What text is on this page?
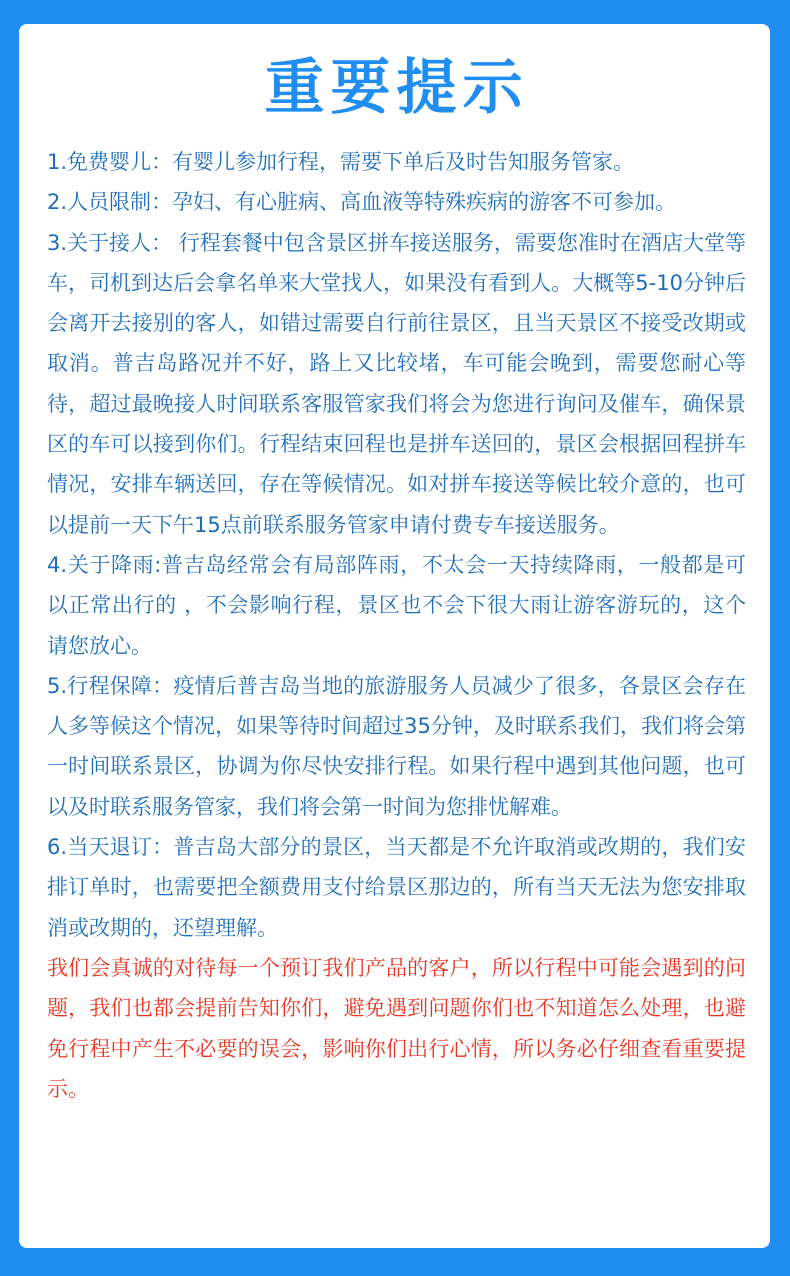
重要提示

1.免费婴儿：有婴儿参加行程，需要下单后及时告知服务管家。

2.人员限制：孕妇、有心脏病、高血液等特殊疾病的游客不可参加。

3.关于接人： 行程套餐中包含景区拼车接送服务，需要您准时在酒店大堂等车，司机到达后会拿名单来大堂找人，如果没有看到人。大概等5-10分钟后会离开去接别的客人，如错过需要自行前往景区，且当天景区不接受改期或取消。普吉岛路况并不好，路上又比较堵，车可能会晚到，需要您耐心等待，超过最晚接人时间联系客服管家我们将会为您进行询问及催车，确保景区的车可以接到你们。行程结束回程也是拼车送回的，景区会根据回程拼车情况，安排车辆送回，存在等候情况。如对拼车接送等候比较介意的，也可以提前一天下午15点前联系服务管家申请付费专车接送服务。

4.关于降雨:普吉岛经常会有局部阵雨，不太会一天持续降雨，一般都是可以正常出行的 ，不会影响行程，景区也不会下很大雨让游客游玩的，这个请您放心。

5.行程保障：疫情后普吉岛当地的旅游服务人员减少了很多，各景区会存在人多等候这个情况，如果等待时间超过35分钟，及时联系我们，我们将会第一时间联系景区，协调为你尽快安排行程。如果行程中遇到其他问题，也可以及时联系服务管家，我们将会第一时间为您排忧解难。

6.当天退订：普吉岛大部分的景区，当天都是不允许取消或改期的，我们安排订单时，也需要把全额费用支付给景区那边的，所有当天无法为您安排取消或改期的，还望理解。

我们会真诚的对待每一个预订我们产品的客户，所以行程中可能会遇到的问题，我们也都会提前告知你们，避免遇到问题你们也不知道怎么处理，也避免行程中产生不必要的误会，影响你们出行心情，所以务必仔细查看重要提示。
